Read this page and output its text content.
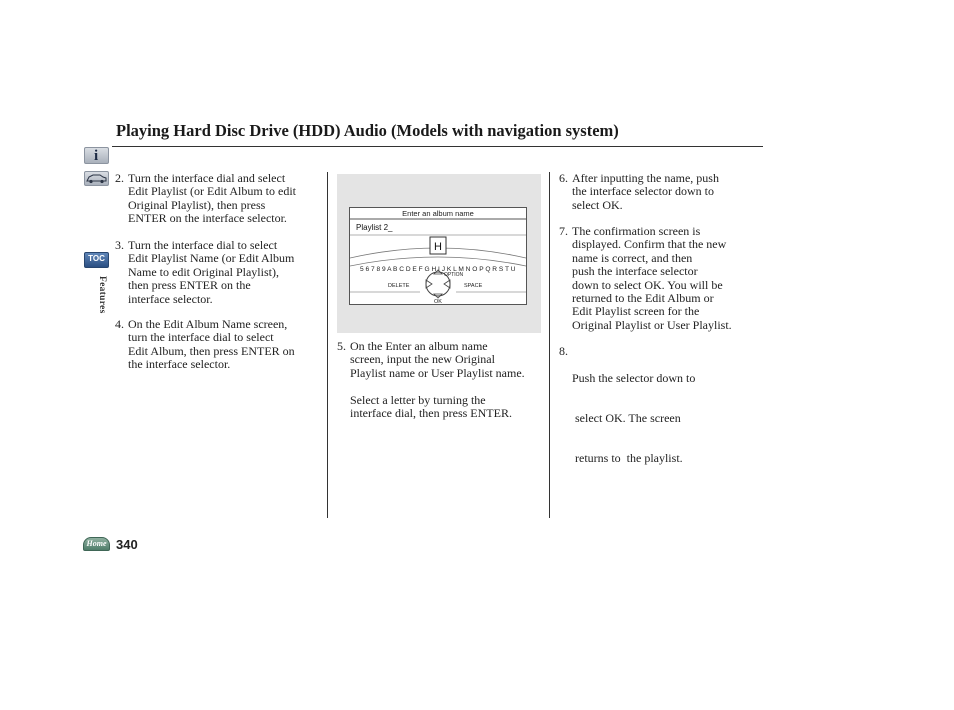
Playing Hard Disc Drive (HDD) Audio (Models with navigation system)
i
TOC
Features
2. Turn the interface dial and select
Edit Playlist (or Edit Album to edit
Original Playlist), then press
ENTER on the interface selector.
3. Turn the interface dial to select
Edit Playlist Name (or Edit Album
Name to edit Original Playlist),
then press ENTER on the
interface selector.
4. On the Edit Album Name screen,
turn the interface dial to select
Edit Album, then press ENTER on
the interface selector.
Enter an album name
Playlist 2_
H
5 6 7 8 9 A B C D E F G H I J K L M N O P Q R S T U
OPTION
DELETE	SPACE
OK
5. On the Enter an album name
screen, input the new Original
Playlist name or User Playlist name.
Select a letter by turning the
interface dial, then press ENTER.
6. After inputting the name, push
the interface selector down to
select OK.
7. The confirmation screen is
displayed. Confirm that the new
name is correct, and then
push the interface selector
down to select OK. You will be
returned to the Edit Album or
Edit Playlist screen for the
Original Playlist or User Playlist.
8.

Push the selector down to

select OK. The screen

returns to  the playlist.

Home 340
